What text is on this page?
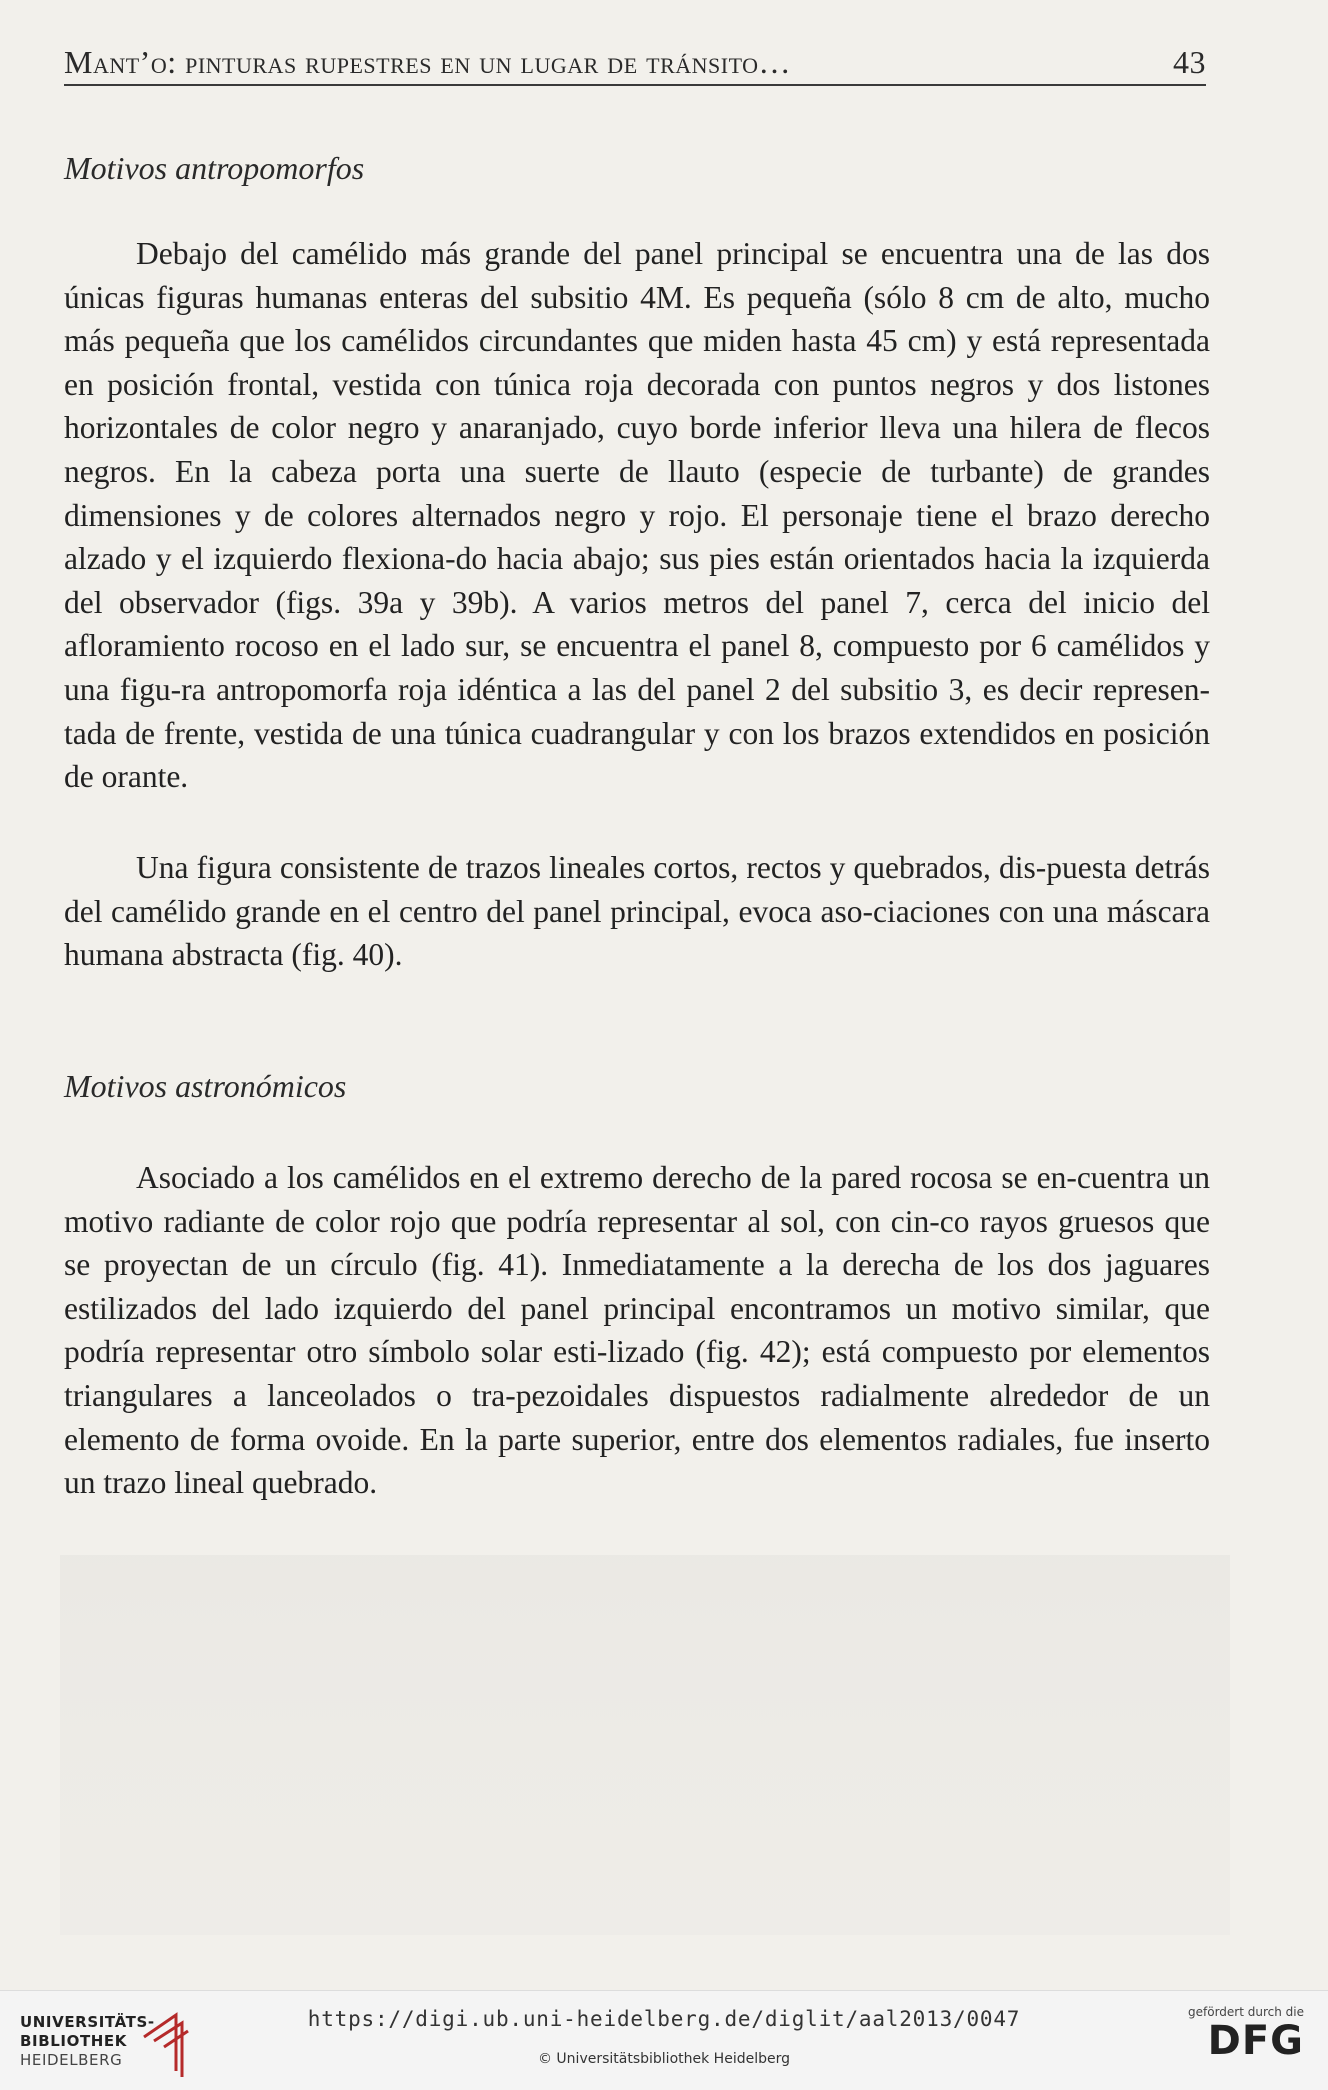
Mant’o: pinturas rupestres en un lugar de tránsito…	43
Motivos antropomorfos

Debajo del camélido más grande del panel principal se encuentra una de las dos únicas figuras humanas enteras del subsitio 4M. Es pequeña (sólo 8 cm de alto, mucho más pequeña que los camélidos circundantes que miden hasta 45 cm) y está representada en posición frontal, vestida con túnica roja decorada con puntos negros y dos listones horizontales de color negro y anaranjado, cuyo borde inferior lleva una hilera de flecos negros. En la cabeza porta una suerte de llauto (especie de turbante) de grandes dimensiones y de colores alternados negro y rojo. El personaje tiene el brazo derecho alzado y el izquierdo flexiona-do hacia abajo; sus pies están orientados hacia la izquierda del observador (figs. 39a y 39b). A varios metros del panel 7, cerca del inicio del afloramiento rocoso en el lado sur, se encuentra el panel 8, compuesto por 6 camélidos y una figu-ra antropomorfa roja idéntica a las del panel 2 del subsitio 3, es decir represen-tada de frente, vestida de una túnica cuadrangular y con los brazos extendidos en posición de orante.

Una figura consistente de trazos lineales cortos, rectos y quebrados, dis-puesta detrás del camélido grande en el centro del panel principal, evoca aso-ciaciones con una máscara humana abstracta (fig. 40).

Motivos astronómicos

Asociado a los camélidos en el extremo derecho de la pared rocosa se en-cuentra un motivo radiante de color rojo que podría representar al sol, con cin-co rayos gruesos que se proyectan de un círculo (fig. 41). Inmediatamente a la derecha de los dos jaguares estilizados del lado izquierdo del panel principal encontramos un motivo similar, que podría representar otro símbolo solar esti-lizado (fig. 42); está compuesto por elementos triangulares a lanceolados o tra-pezoidales dispuestos radialmente alrededor de un elemento de forma ovoide. En la parte superior, entre dos elementos radiales, fue inserto un trazo lineal quebrado.

UNIVERSITÄTS-
BIBLIOTHEK
HEIDELBERG
https://digi.ub.uni-heidelberg.de/diglit/aal2013/0047
© Universitätsbibliothek Heidelberg
gefördert durch die
DFG
